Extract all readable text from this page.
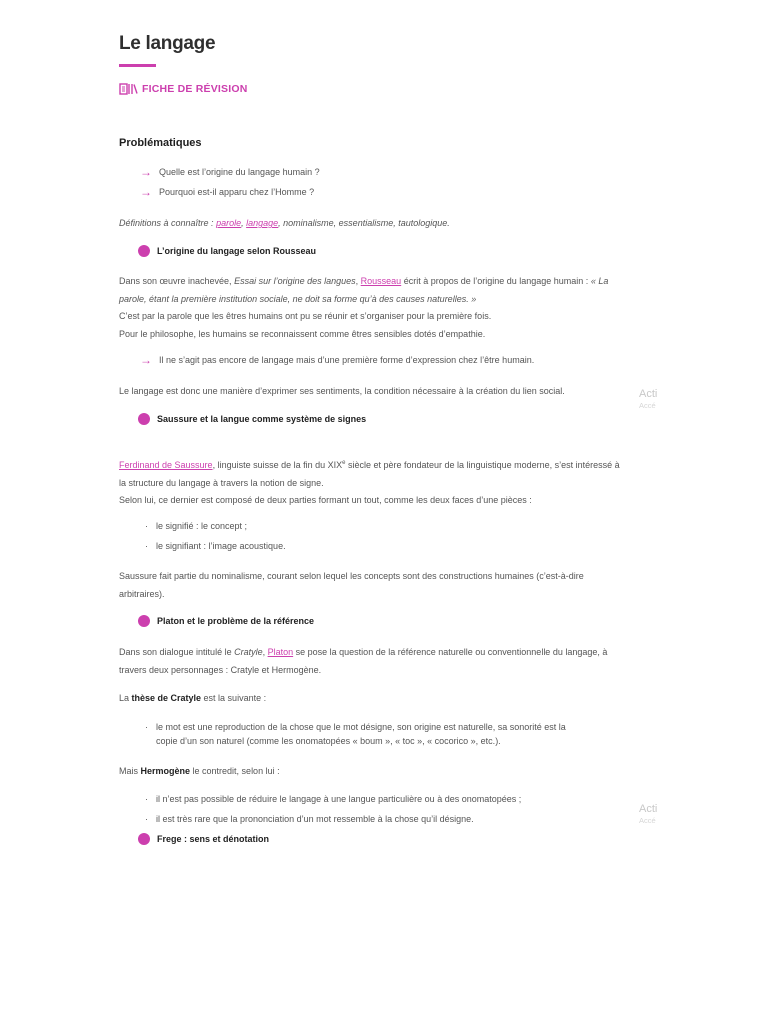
Le langage
FICHE DE RÉVISION
Problématiques
→ Quelle est l’origine du langage humain ?
→ Pourquoi est-il apparu chez l’Homme ?
Définitions à connaître : parole, langage, nominalisme, essentialisme, tautologique.
L’origine du langage selon Rousseau
Dans son œuvre inachevée, Essai sur l’origine des langues, Rousseau écrit à propos de l’origine du langage humain : « La
parole, étant la première institution sociale, ne doit sa forme qu’à des causes naturelles. »
C’est par la parole que les êtres humains ont pu se réunir et s’organiser pour la première fois.
Pour le philosophe, les humains se reconnaissent comme êtres sensibles dotés d’empathie.
→ Il ne s’agit pas encore de langage mais d’une première forme d’expression chez l’être humain.
Le langage est donc une manière d’exprimer ses sentiments, la condition nécessaire à la création du lien social.
Saussure et la langue comme système de signes
Ferdinand de Saussure, linguiste suisse de la fin du XIXe siècle et père fondateur de la linguistique moderne, s’est intéressé à
la structure du langage à travers la notion de signe.
Selon lui, ce dernier est composé de deux parties formant un tout, comme les deux faces d’une pièces :
· le signifié : le concept ;
· le signifiant : l’image acoustique.
Saussure fait partie du nominalisme, courant selon lequel les concepts sont des constructions humaines (c’est-à-dire
arbitraires).
Platon et le problème de la référence
Dans son dialogue intitulé le Cratyle, Platon se pose la question de la référence naturelle ou conventionnelle du langage, à
travers deux personnages : Cratyle et Hermogène.
La thèse de Cratyle est la suivante :
· le mot est une reproduction de la chose que le mot désigne, son origine est naturelle, sa sonorité est la
copie d’un son naturel (comme les onomatopées « boum », « toc », « cocorico », etc.).
Mais Hermogène le contredit, selon lui :
· il n’est pas possible de réduire le langage à une langue particulière ou à des onomatopées ;
· il est très rare que la prononciation d’un mot ressemble à la chose qu’il désigne.
Frege : sens et dénotation
Acti
Accé
Acti
Accé
